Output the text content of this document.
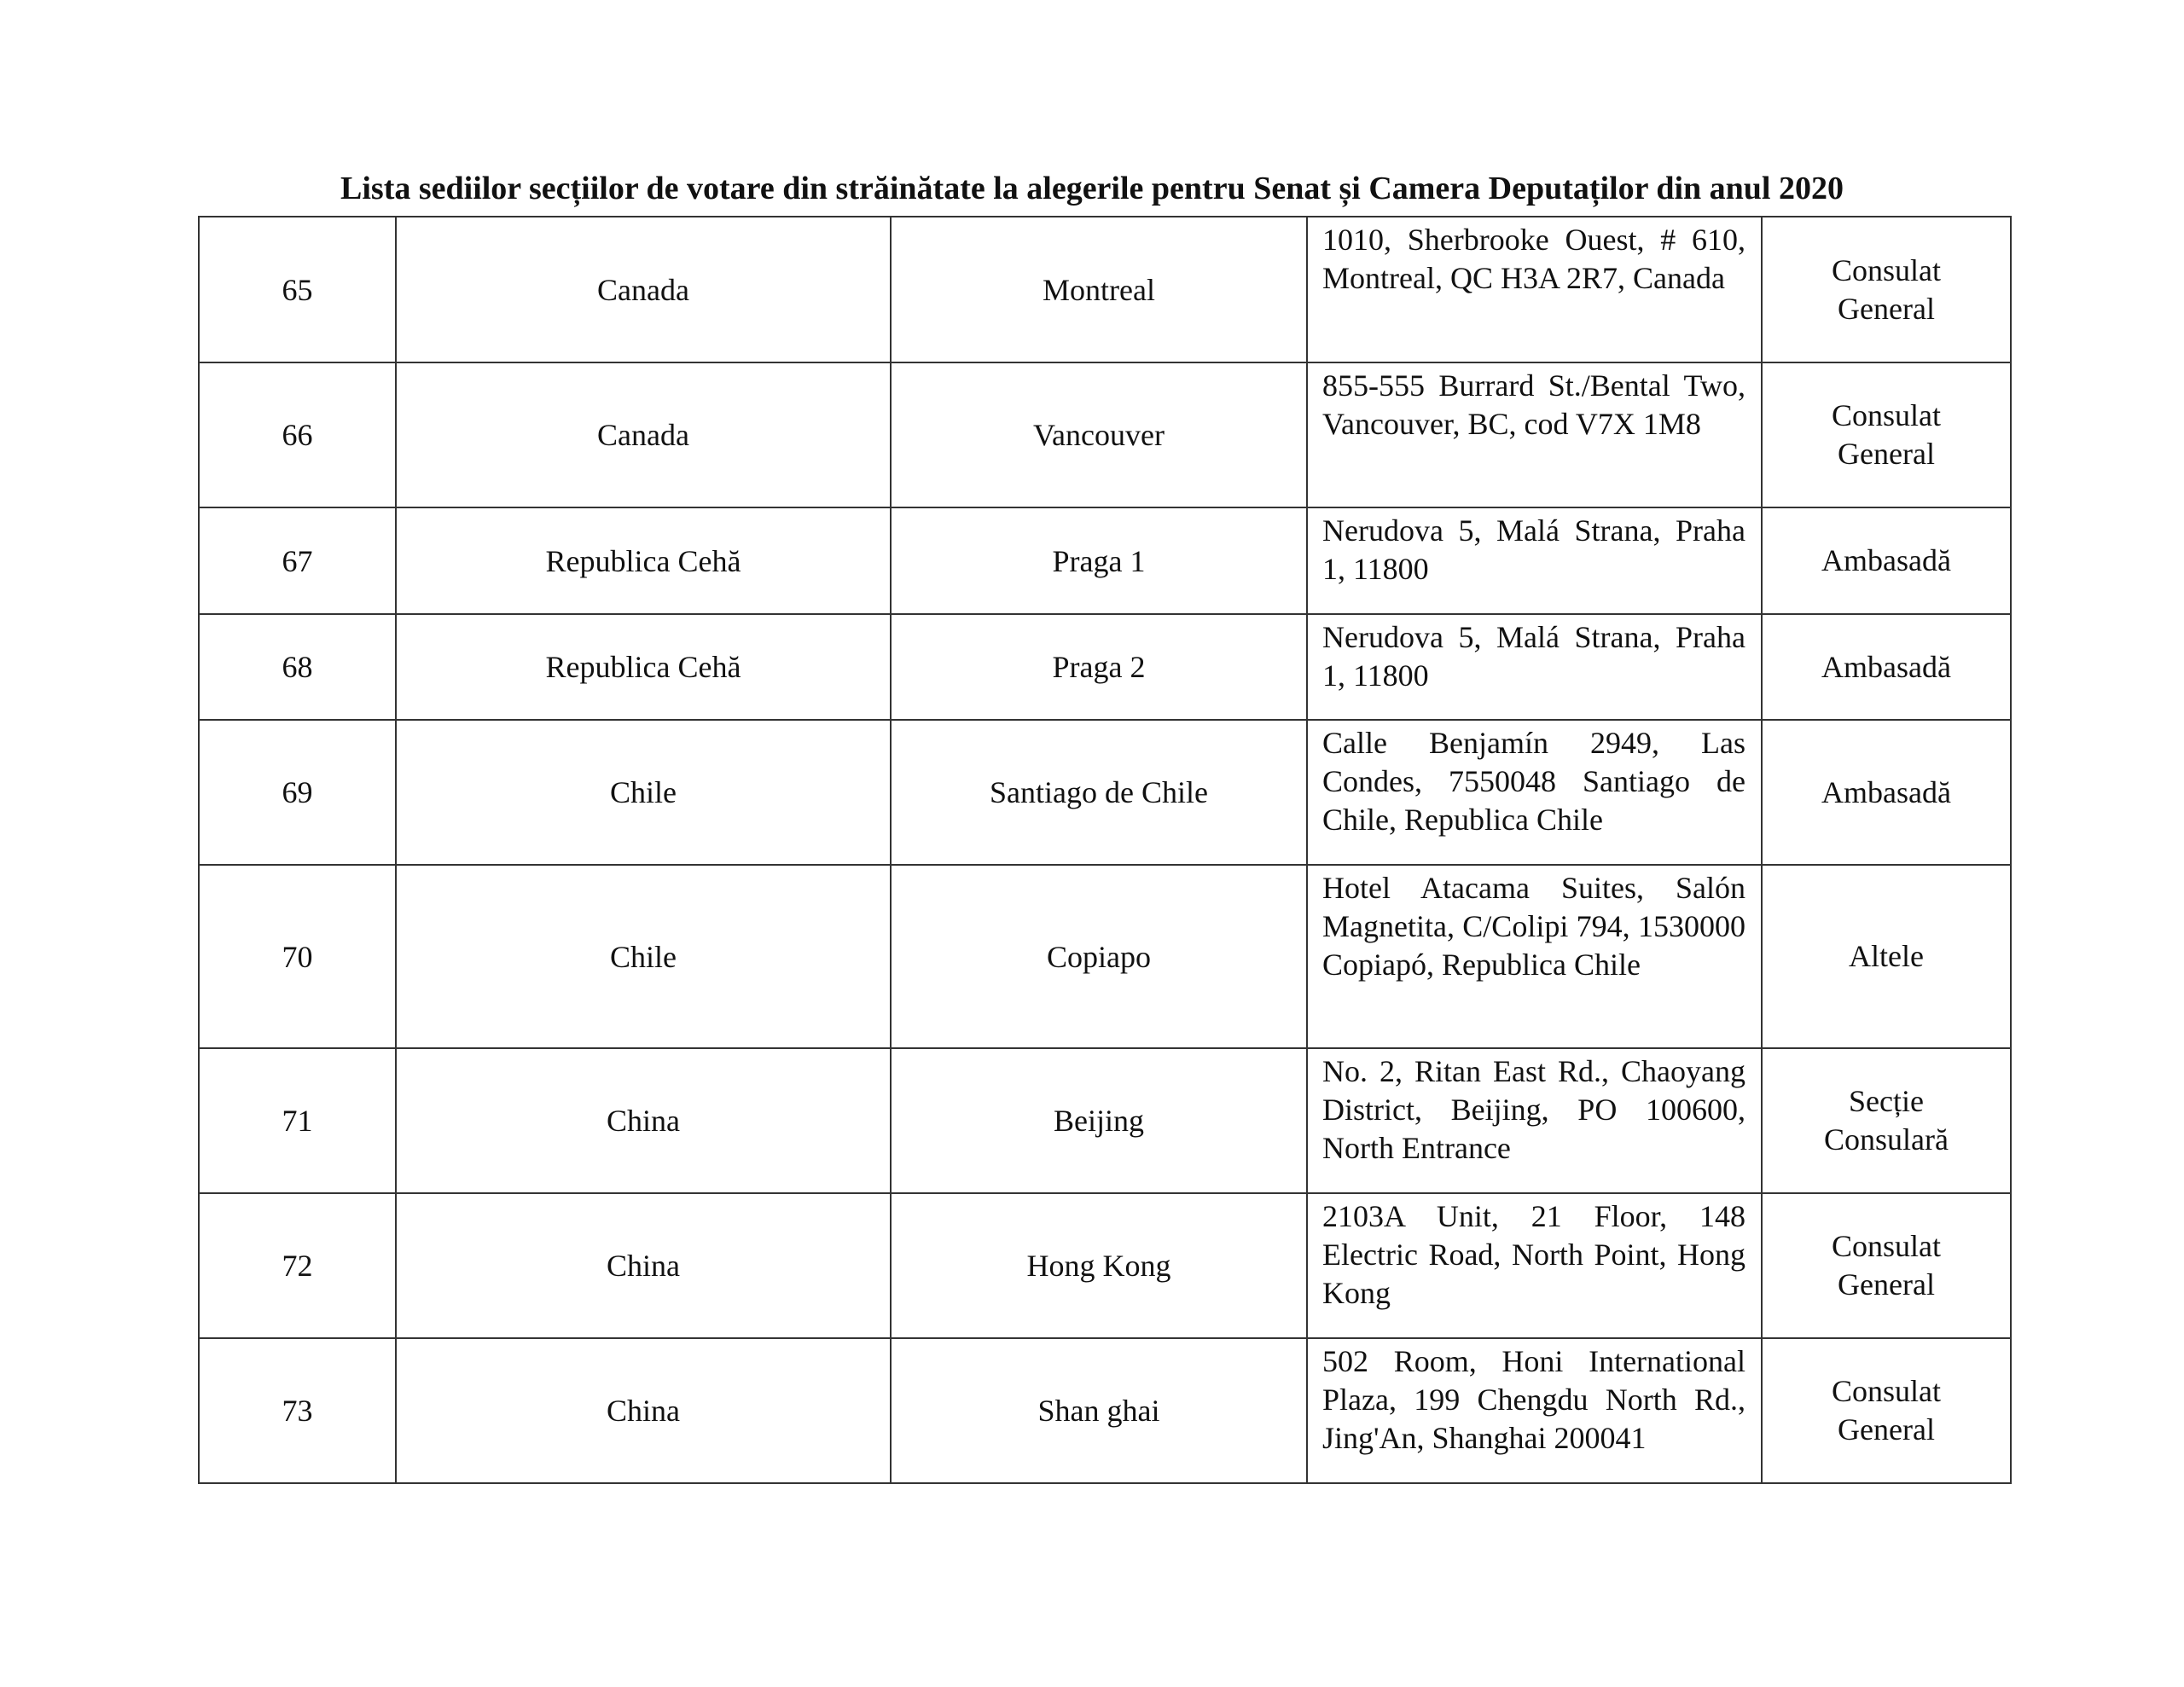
Lista sediilor secțiilor de votare din străinătate la alegerile pentru Senat și Camera Deputaților din anul 2020
65	Canada	Montreal	1010, Sherbrooke Ouest, # 610, Montreal, QC H3A 2R7, Canada	Consulat General
66	Canada	Vancouver	855-555 Burrard St./Bental Two, Vancouver, BC, cod V7X 1M8	Consulat General
67	Republica Cehă	Praga 1	Nerudova 5, Malá Strana, Praha 1, 11800	Ambasadă
68	Republica Cehă	Praga 2	Nerudova 5, Malá Strana, Praha 1, 11800	Ambasadă
69	Chile	Santiago de Chile	Calle Benjamín 2949, Las Condes, 7550048 Santiago de Chile, Republica Chile	Ambasadă
70	Chile	Copiapo	Hotel Atacama Suites, Salón Magnetita, C/Colipi 794, 1530000 Copiapó, Republica Chile	Altele
71	China	Beijing	No. 2, Ritan East Rd., Chaoyang District, Beijing, PO 100600, North Entrance	Secție Consulară
72	China	Hong Kong	2103A Unit, 21 Floor, 148 Electric Road, North Point, Hong Kong	Consulat General
73	China	Shan ghai	502 Room, Honi International Plaza, 199 Chengdu North Rd., Jing'An, Shanghai 200041	Consulat General
